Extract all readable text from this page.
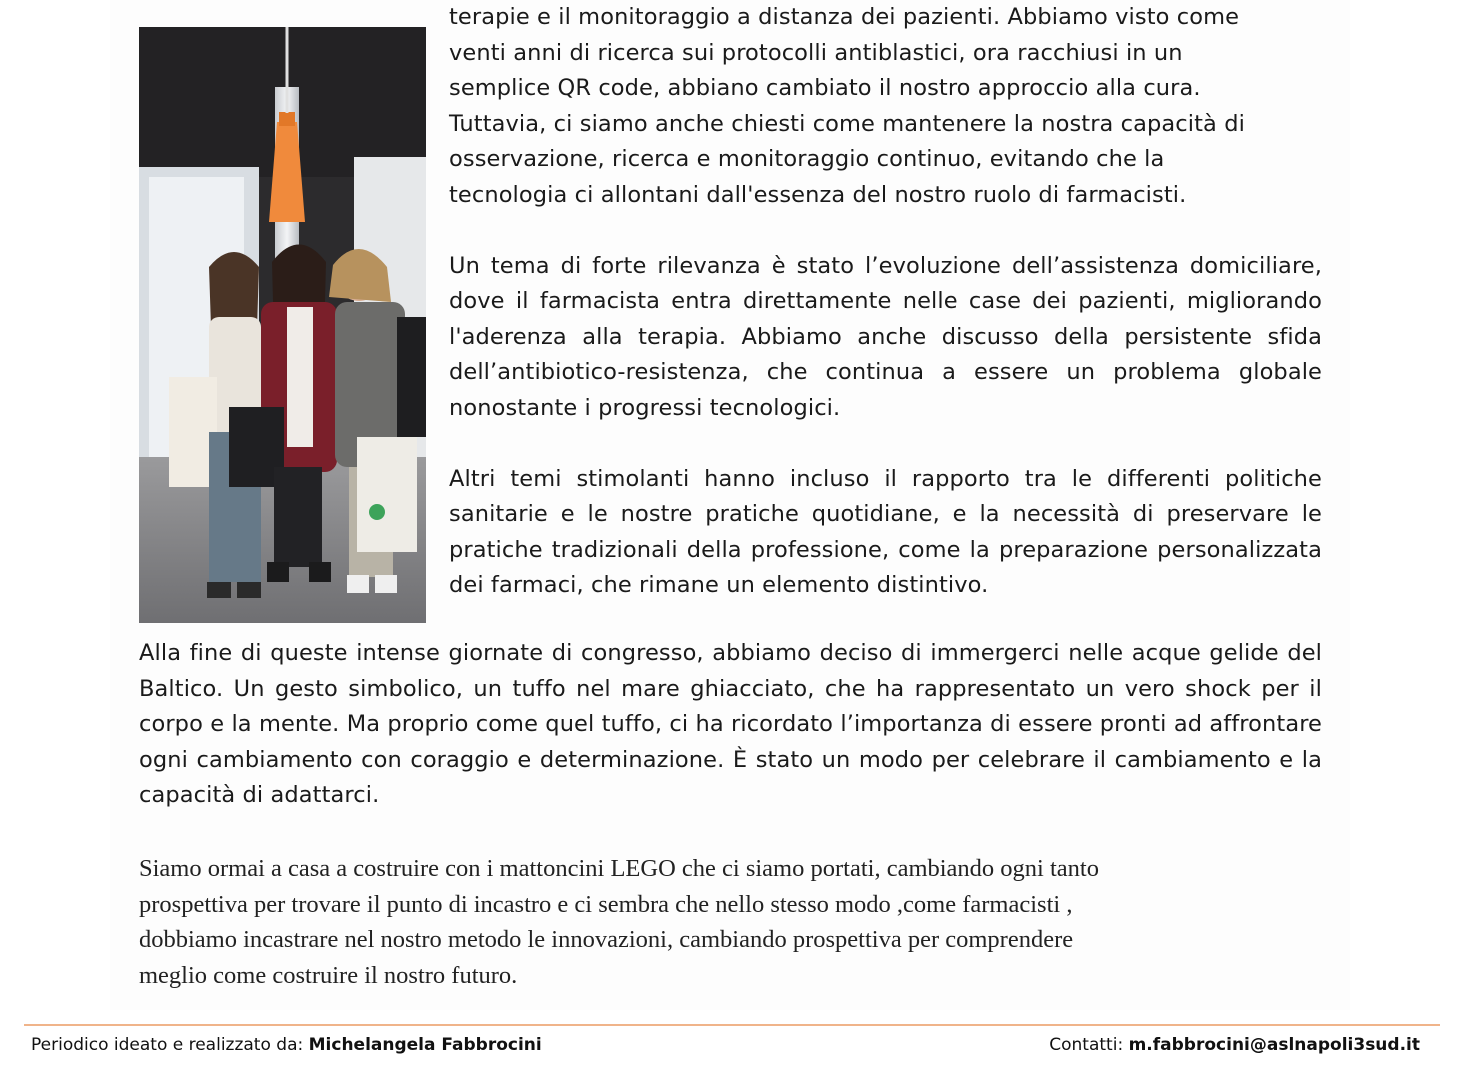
terapie e il monitoraggio a distanza dei pazienti. Abbiamo visto come
venti anni di ricerca sui protocolli antiblastici, ora racchiusi in un
semplice QR code, abbiano cambiato il nostro approccio alla cura.
Tuttavia, ci siamo anche chiesti come mantenere la nostra capacità di
osservazione, ricerca e monitoraggio continuo, evitando che la
tecnologia ci allontani dall'essenza del nostro ruolo di farmacisti.

Un tema di forte rilevanza è stato l’evoluzione dell’assistenza domiciliare, dove il farmacista entra direttamente nelle case dei pazienti, migliorando l'aderenza alla terapia. Abbiamo anche discusso della persistente sfida dell’antibiotico-resistenza, che continua a essere un problema globale nonostante i progressi tecnologici.

Altri temi stimolanti hanno incluso il rapporto tra le differenti politiche sanitarie e le nostre pratiche quotidiane, e la necessità di preservare le pratiche tradizionali della professione, come la preparazione personalizzata dei farmaci, che rimane un elemento distintivo.

Alla fine di queste intense giornate di congresso, abbiamo deciso di immergerci nelle acque gelide del Baltico. Un gesto simbolico, un tuffo nel mare ghiacciato, che ha rappresentato un vero shock per il corpo e la mente. Ma proprio come quel tuffo, ci ha ricordato l’importanza di essere pronti ad affrontare ogni cambiamento con coraggio e determinazione. È stato un modo per celebrare il cambiamento e la capacità di adattarci.

Siamo ormai a casa a costruire con i mattoncini LEGO che ci siamo portati, cambiando ogni tanto
prospettiva per trovare il punto di incastro e ci sembra che nello stesso modo ,come farmacisti ,
dobbiamo incastrare nel nostro metodo le innovazioni, cambiando prospettiva per comprendere
meglio come costruire il nostro futuro.

Periodico ideato e realizzato da: Michelangela Fabbrocini	Contatti: m.fabbrocini@aslnapoli3sud.it
